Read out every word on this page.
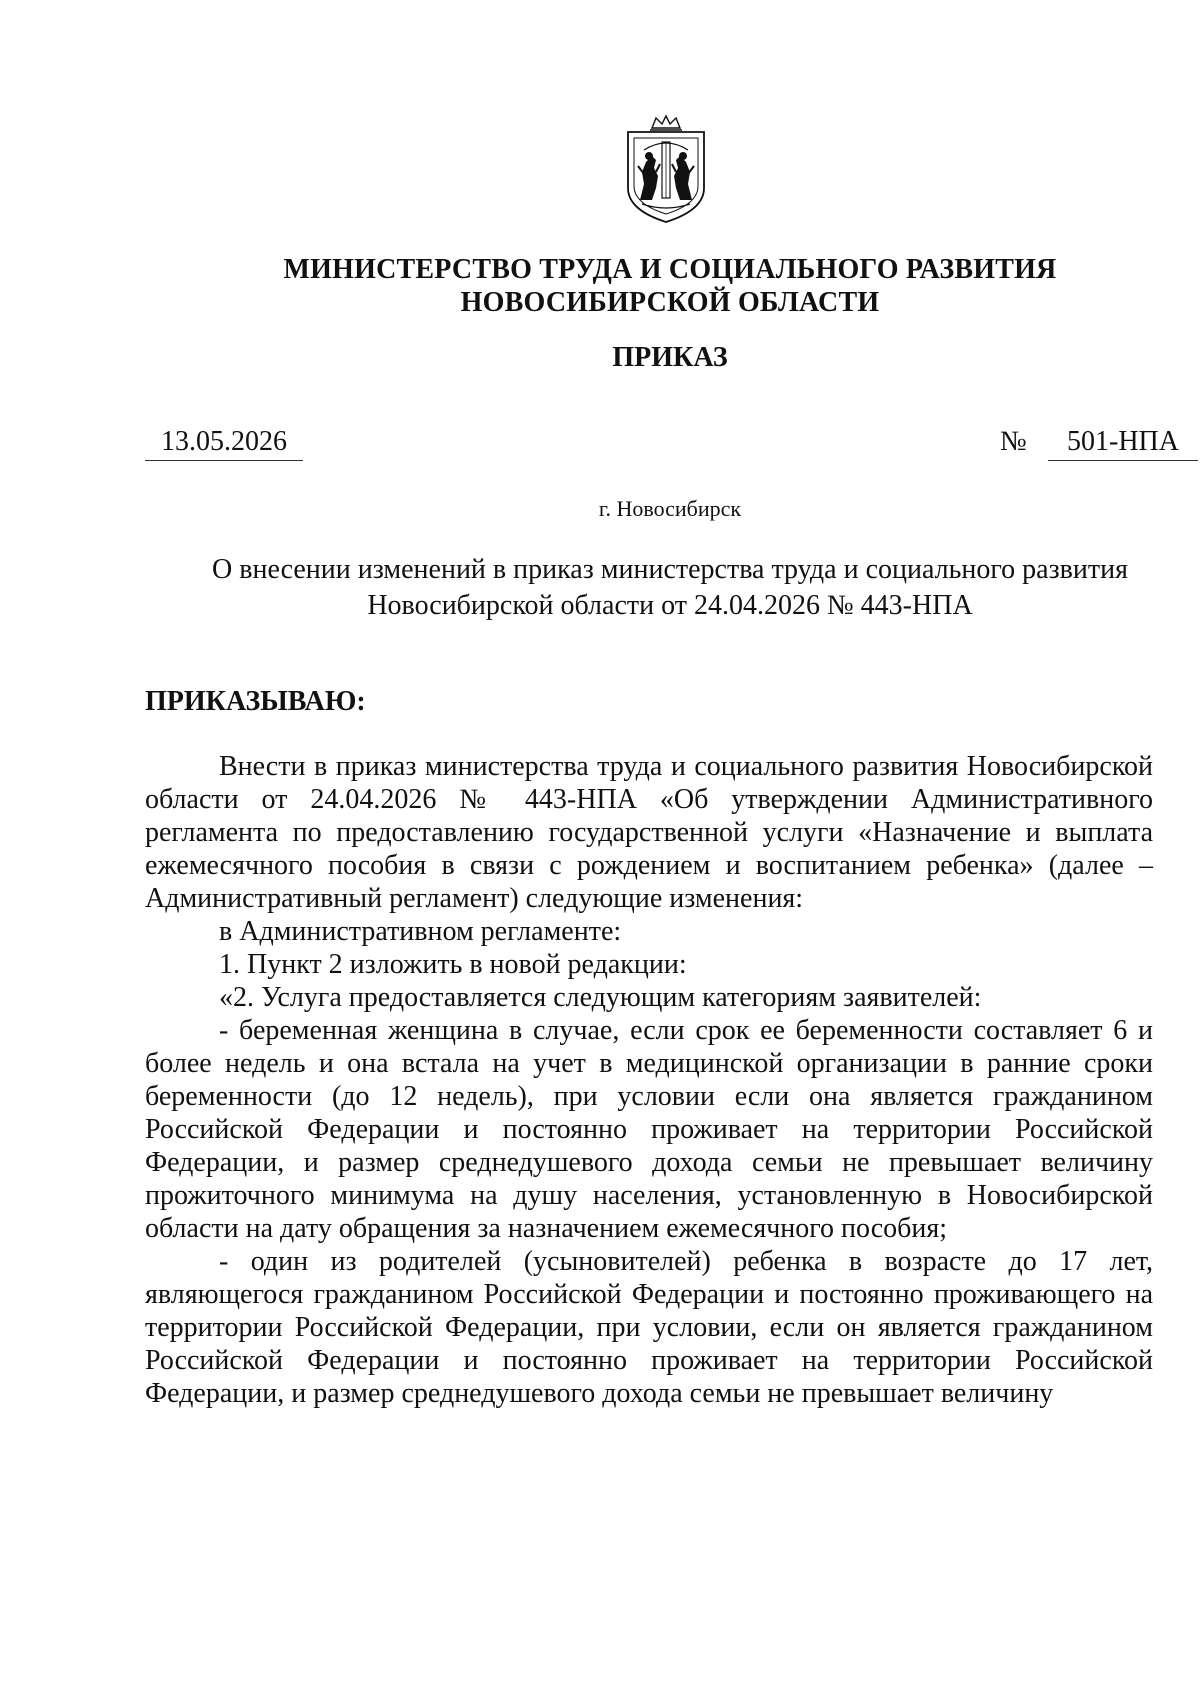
МИНИСТЕРСТВО ТРУДА И СОЦИАЛЬНОГО РАЗВИТИЯ
НОВОСИБИРСКОЙ ОБЛАСТИ
ПРИКАЗ
13.05.2026	№	501-НПА
г. Новосибирск
О внесении изменений в приказ министерства труда и социального развития Новосибирской области от 24.04.2026 № 443-НПА
ПРИКАЗЫВАЮ:

Внести в приказ министерства труда и социального развития Новосибирской области от 24.04.2026 № 443-НПА «Об утверждении Административного регламента по предоставлению государственной услуги «Назначение и выплата ежемесячного пособия в связи с рождением и воспитанием ребенка» (далее – Административный регламент) следующие изменения:

в Административном регламенте:

1. Пункт 2 изложить в новой редакции:

«2. Услуга предоставляется следующим категориям заявителей:

- беременная женщина в случае, если срок ее беременности составляет 6 и более недель и она встала на учет в медицинской организации в ранние сроки беременности (до 12 недель), при условии если она является гражданином Российской Федерации и постоянно проживает на территории Российской Федерации, и размер среднедушевого дохода семьи не превышает величину прожиточного минимума на душу населения, установленную в Новосибирской области на дату обращения за назначением ежемесячного пособия;

- один из родителей (усыновителей) ребенка в возрасте до 17 лет, являющегося гражданином Российской Федерации и постоянно проживающего на территории Российской Федерации, при условии, если он является гражданином Российской Федерации и постоянно проживает на территории Российской Федерации, и размер среднедушевого дохода семьи не превышает величину
